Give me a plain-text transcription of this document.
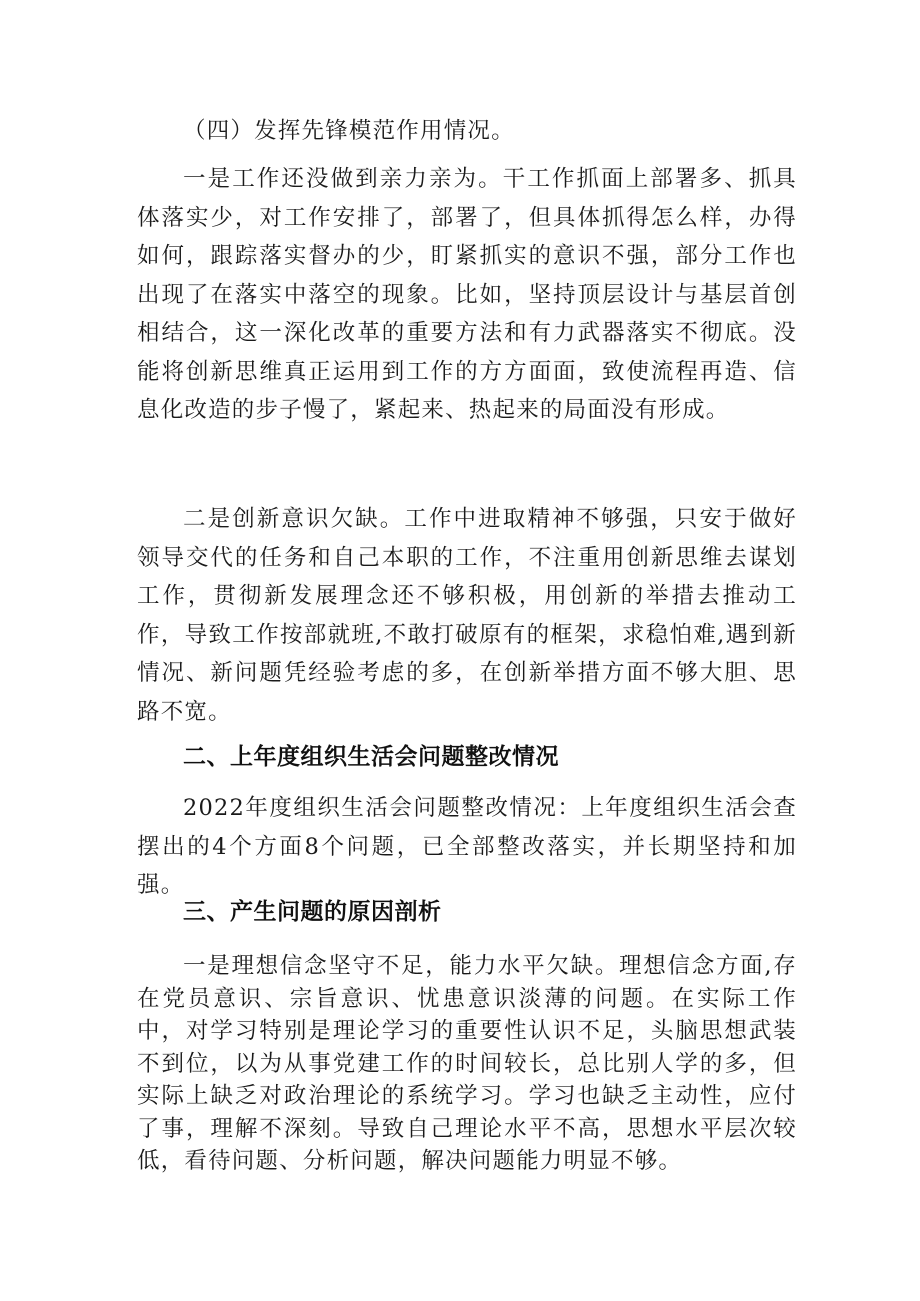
（四）发挥先锋模范作用情况。

一是工作还没做到亲力亲为。干工作抓面上部署多、抓具体落实少，对工作安排了，部署了，但具体抓得怎么样，办得如何，跟踪落实督办的少，盯紧抓实的意识不强，部分工作也出现了在落实中落空的现象。比如，坚持顶层设计与基层首创相结合，这一深化改革的重要方法和有力武器落实不彻底。没能将创新思维真正运用到工作的方方面面，致使流程再造、信息化改造的步子慢了，紧起来、热起来的局面没有形成。

二是创新意识欠缺。工作中进取精神不够强，只安于做好领导交代的任务和自己本职的工作，不注重用创新思维去谋划工作，贯彻新发展理念还不够积极，用创新的举措去推动工作，导致工作按部就班,不敢打破原有的框架，求稳怕难,遇到新情况、新问题凭经验考虑的多，在创新举措方面不够大胆、思路不宽。

二、上年度组织生活会问题整改情况

2022年度组织生活会问题整改情况：上年度组织生活会查摆出的4个方面8个问题，已全部整改落实，并长期坚持和加强。

三、产生问题的原因剖析

一是理想信念坚守不足，能力水平欠缺。理想信念方面,存在党员意识、宗旨意识、忧患意识淡薄的问题。在实际工作中，对学习特别是理论学习的重要性认识不足，头脑思想武装不到位，以为从事党建工作的时间较长，总比别人学的多，但实际上缺乏对政治理论的系统学习。学习也缺乏主动性，应付了事，理解不深刻。导致自己理论水平不高，思想水平层次较低，看待问题、分析问题，解决问题能力明显不够。
